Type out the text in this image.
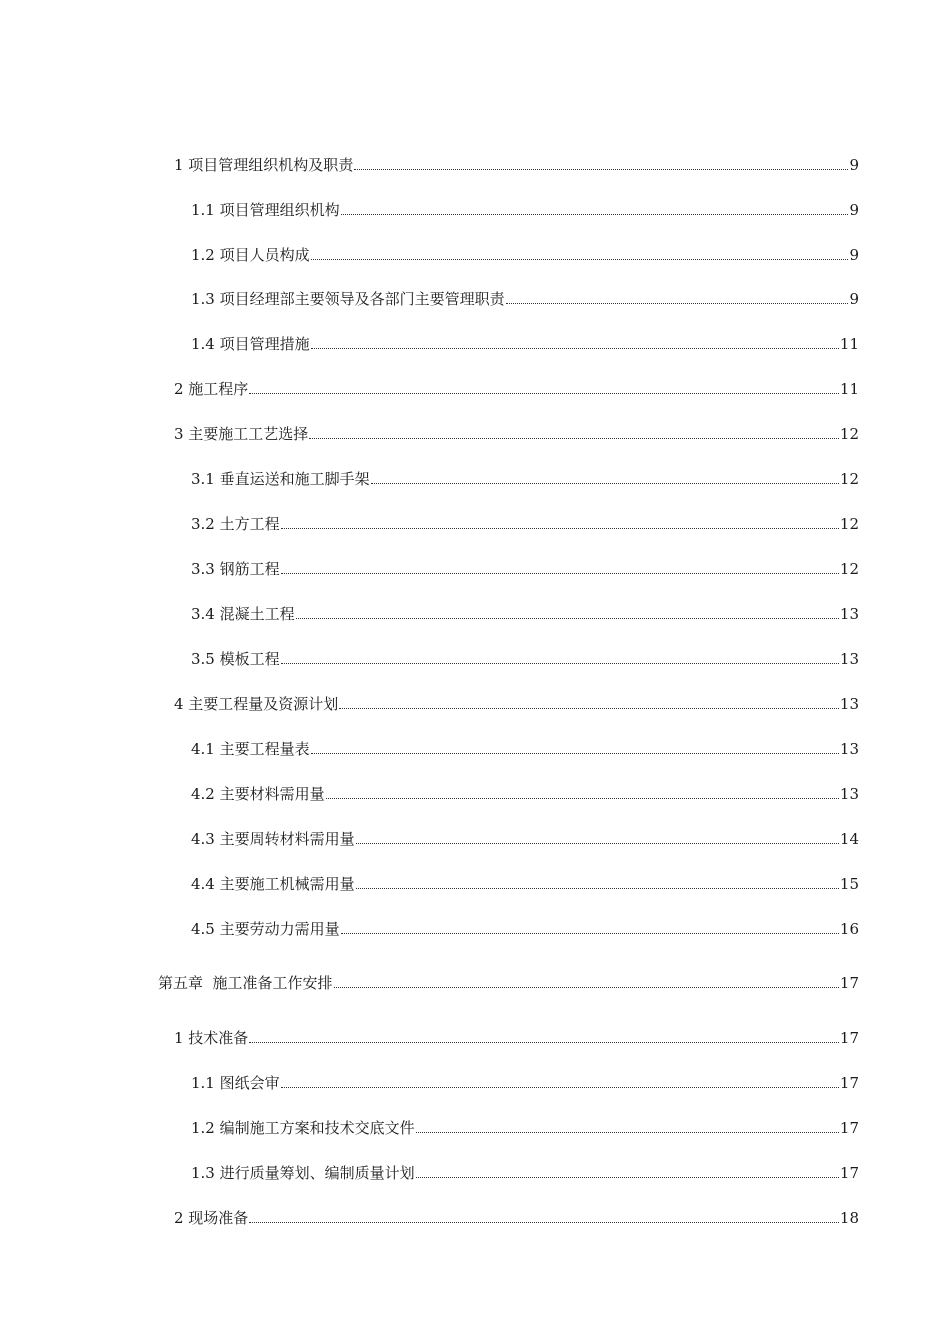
1 项目管理组织机构及职责	9
1.1 项目管理组织机构	9
1.2 项目人员构成	9
1.3 项目经理部主要领导及各部门主要管理职责	9
1.4 项目管理措施	11
2 施工程序	11
3 主要施工工艺选择	12
3.1 垂直运送和施工脚手架	12
3.2 土方工程	12
3.3 钢筋工程	12
3.4 混凝土工程	13
3.5 模板工程	13
4 主要工程量及资源计划	13
4.1 主要工程量表	13
4.2 主要材料需用量	13
4.3 主要周转材料需用量	14
4.4 主要施工机械需用量	15
4.5 主要劳动力需用量	16
第五章  施工准备工作安排	17
1 技术准备	17
1.1 图纸会审	17
1.2 编制施工方案和技术交底文件	17
1.3 进行质量筹划、编制质量计划	17
2 现场准备	18
